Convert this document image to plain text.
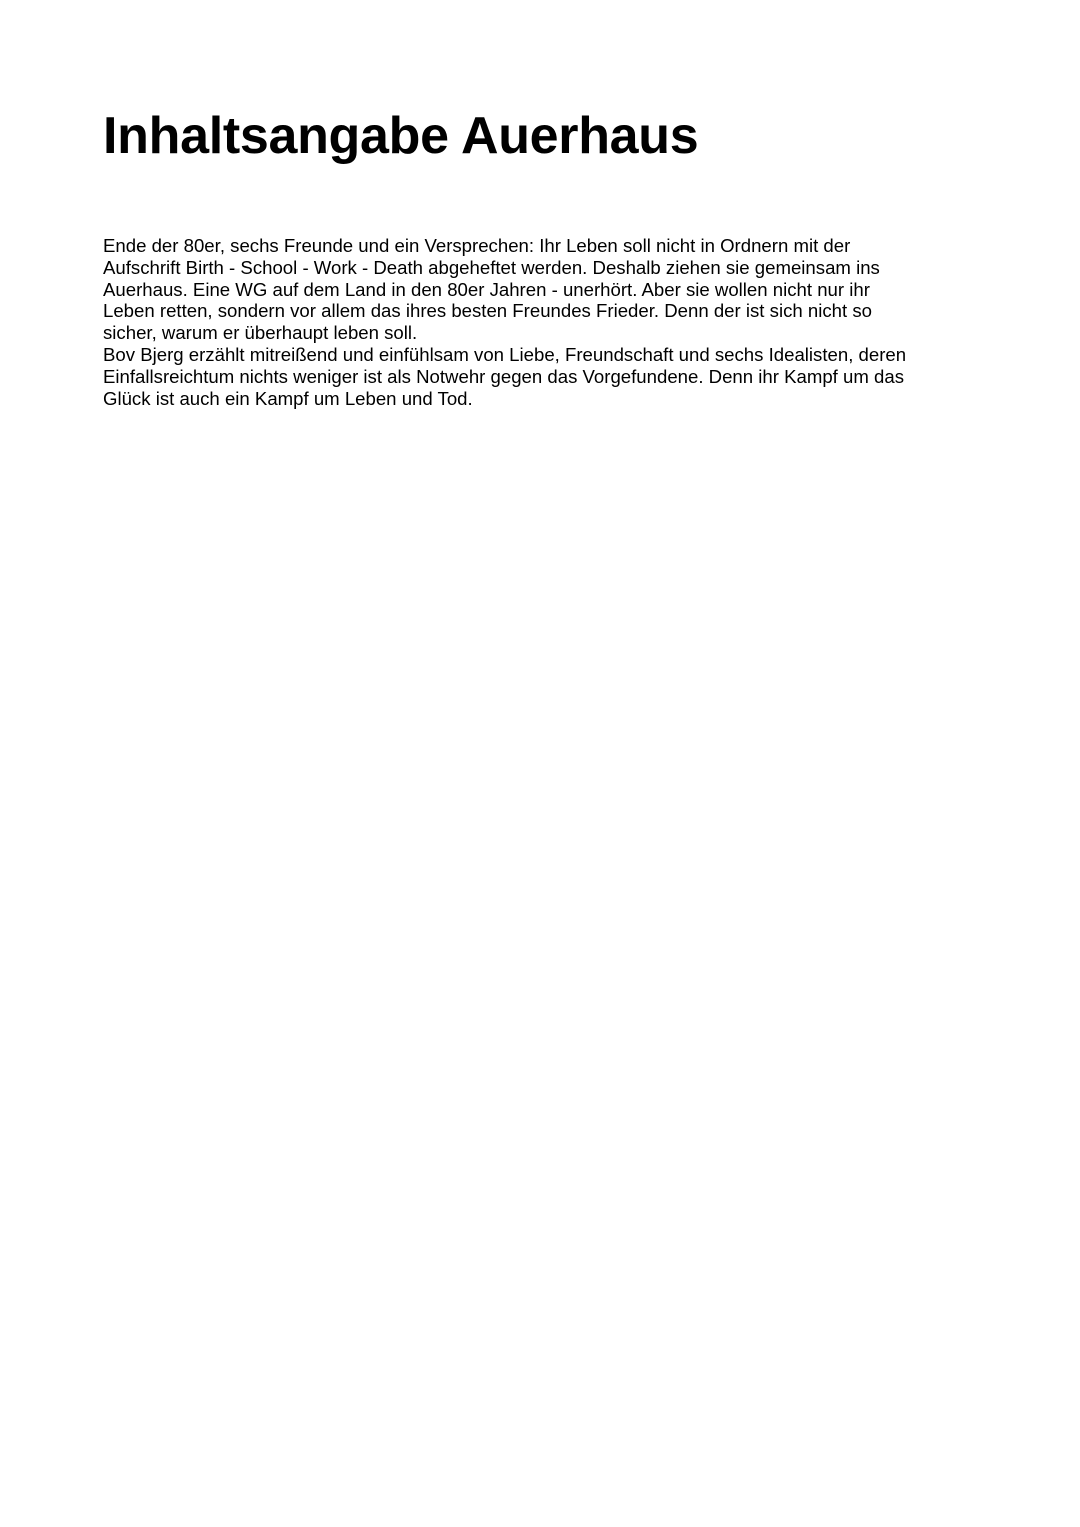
Inhaltsangabe Auerhaus
Ende der 80er, sechs Freunde und ein Versprechen: Ihr Leben soll nicht in Ordnern mit der
Aufschrift Birth - School - Work - Death abgeheftet werden. Deshalb ziehen sie gemeinsam ins
Auerhaus. Eine WG auf dem Land in den 80er Jahren - unerhört. Aber sie wollen nicht nur ihr
Leben retten, sondern vor allem das ihres besten Freundes Frieder. Denn der ist sich nicht so
sicher, warum er überhaupt leben soll.
Bov Bjerg erzählt mitreißend und einfühlsam von Liebe, Freundschaft und sechs Idealisten, deren
Einfallsreichtum nichts weniger ist als Notwehr gegen das Vorgefundene. Denn ihr Kampf um das
Glück ist auch ein Kampf um Leben und Tod.
